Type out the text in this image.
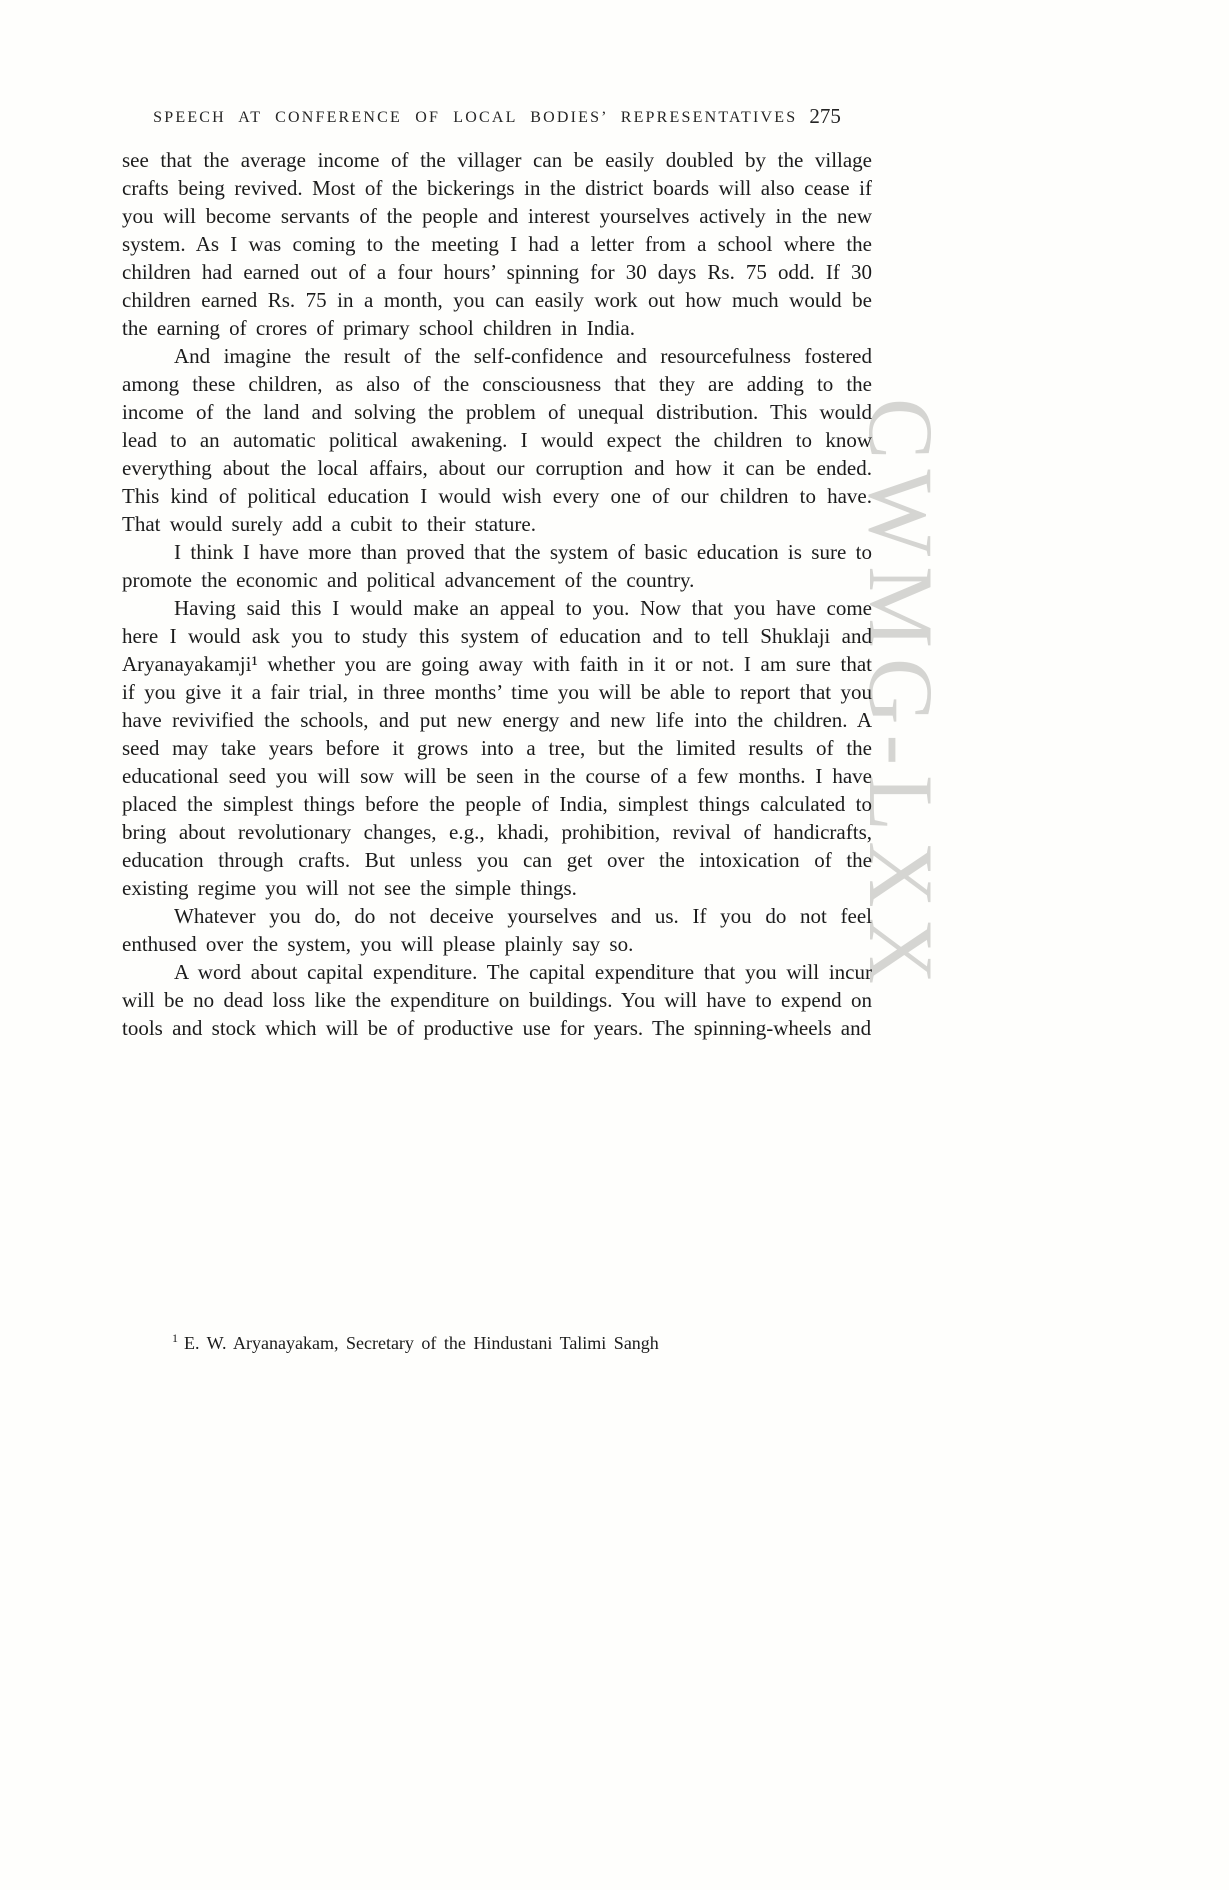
CWMG-LXX
SPEECH AT CONFERENCE OF LOCAL BODIES’ REPRESENTATIVES 275

see that the average income of the villager can be easily doubled by the village crafts being revived. Most of the bickerings in the district boards will also cease if you will become servants of the people and interest yourselves actively in the new system. As I was coming to the meeting I had a letter from a school where the children had earned out of a four hours’ spinning for 30 days Rs. 75 odd. If 30 children earned Rs. 75 in a month, you can easily work out how much would be the earning of crores of primary school children in India.

And imagine the result of the self-confidence and resourcefulness fostered among these children, as also of the consciousness that they are adding to the income of the land and solving the problem of unequal distribution. This would lead to an automatic political awakening. I would expect the children to know everything about the local affairs, about our corruption and how it can be ended. This kind of political education I would wish every one of our children to have. That would surely add a cubit to their stature.

I think I have more than proved that the system of basic education is sure to promote the economic and political advancement of the country.

Having said this I would make an appeal to you. Now that you have come here I would ask you to study this system of education and to tell Shuklaji and Aryanayakamji¹ whether you are going away with faith in it or not. I am sure that if you give it a fair trial, in three months’ time you will be able to report that you have revivified the schools, and put new energy and new life into the children. A seed may take years before it grows into a tree, but the limited results of the educational seed you will sow will be seen in the course of a few months. I have placed the simplest things before the people of India, simplest things calculated to bring about revolutionary changes, e.g., khadi, prohibition, revival of handicrafts, education through crafts. But unless you can get over the intoxication of the existing regime you will not see the simple things.

Whatever you do, do not deceive yourselves and us. If you do not feel enthused over the system, you will please plainly say so.

A word about capital expenditure. The capital expenditure that you will incur will be no dead loss like the expenditure on buildings. You will have to expend on tools and stock which will be of productive use for years. The spinning-wheels and

$^1$ E. W. Aryanayakam, Secretary of the Hindustani Talimi Sangh
